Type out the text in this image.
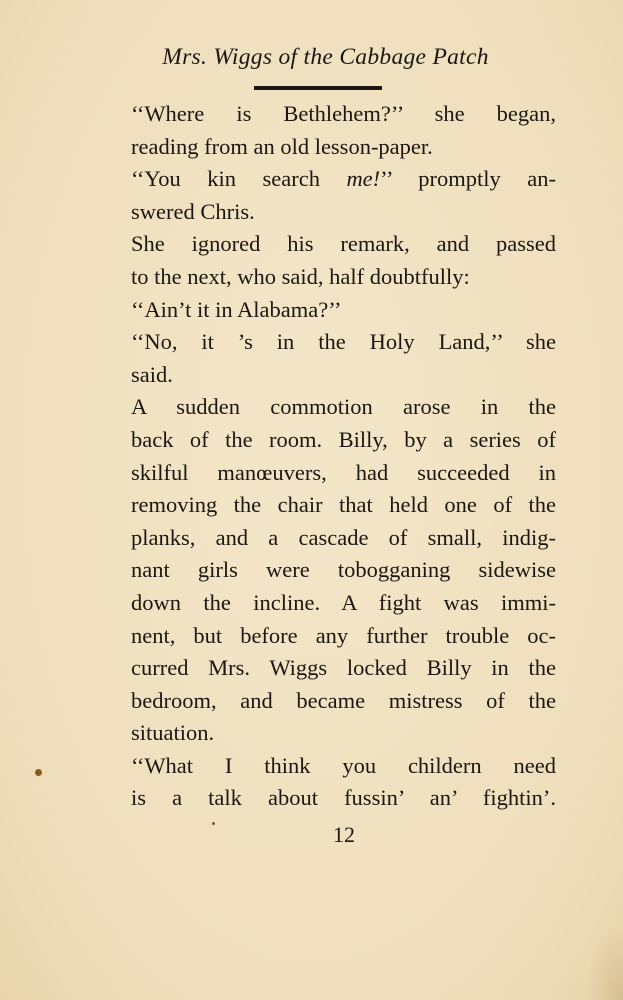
Mrs. Wiggs of the Cabbage Patch
‘‘Where is Bethlehem?’’ she began,
reading from an old lesson-paper.
‘‘You kin search me!’’ promptly an-
swered Chris.
She ignored his remark, and passed
to the next, who said, half doubtfully:
‘‘Ain’t it in Alabama?’’
‘‘No, it ’s in the Holy Land,’’ she
said.
A sudden commotion arose in the
back of the room. Billy, by a series of
skilful manœuvers, had succeeded in
removing the chair that held one of the
planks, and a cascade of small, indig-
nant girls were tobogganing sidewise
down the incline. A fight was immi-
nent, but before any further trouble oc-
curred Mrs. Wiggs locked Billy in the
bedroom, and became mistress of the
situation.
‘‘What I think you childern need
is a talk about fussin’ an’ fightin’.
12
